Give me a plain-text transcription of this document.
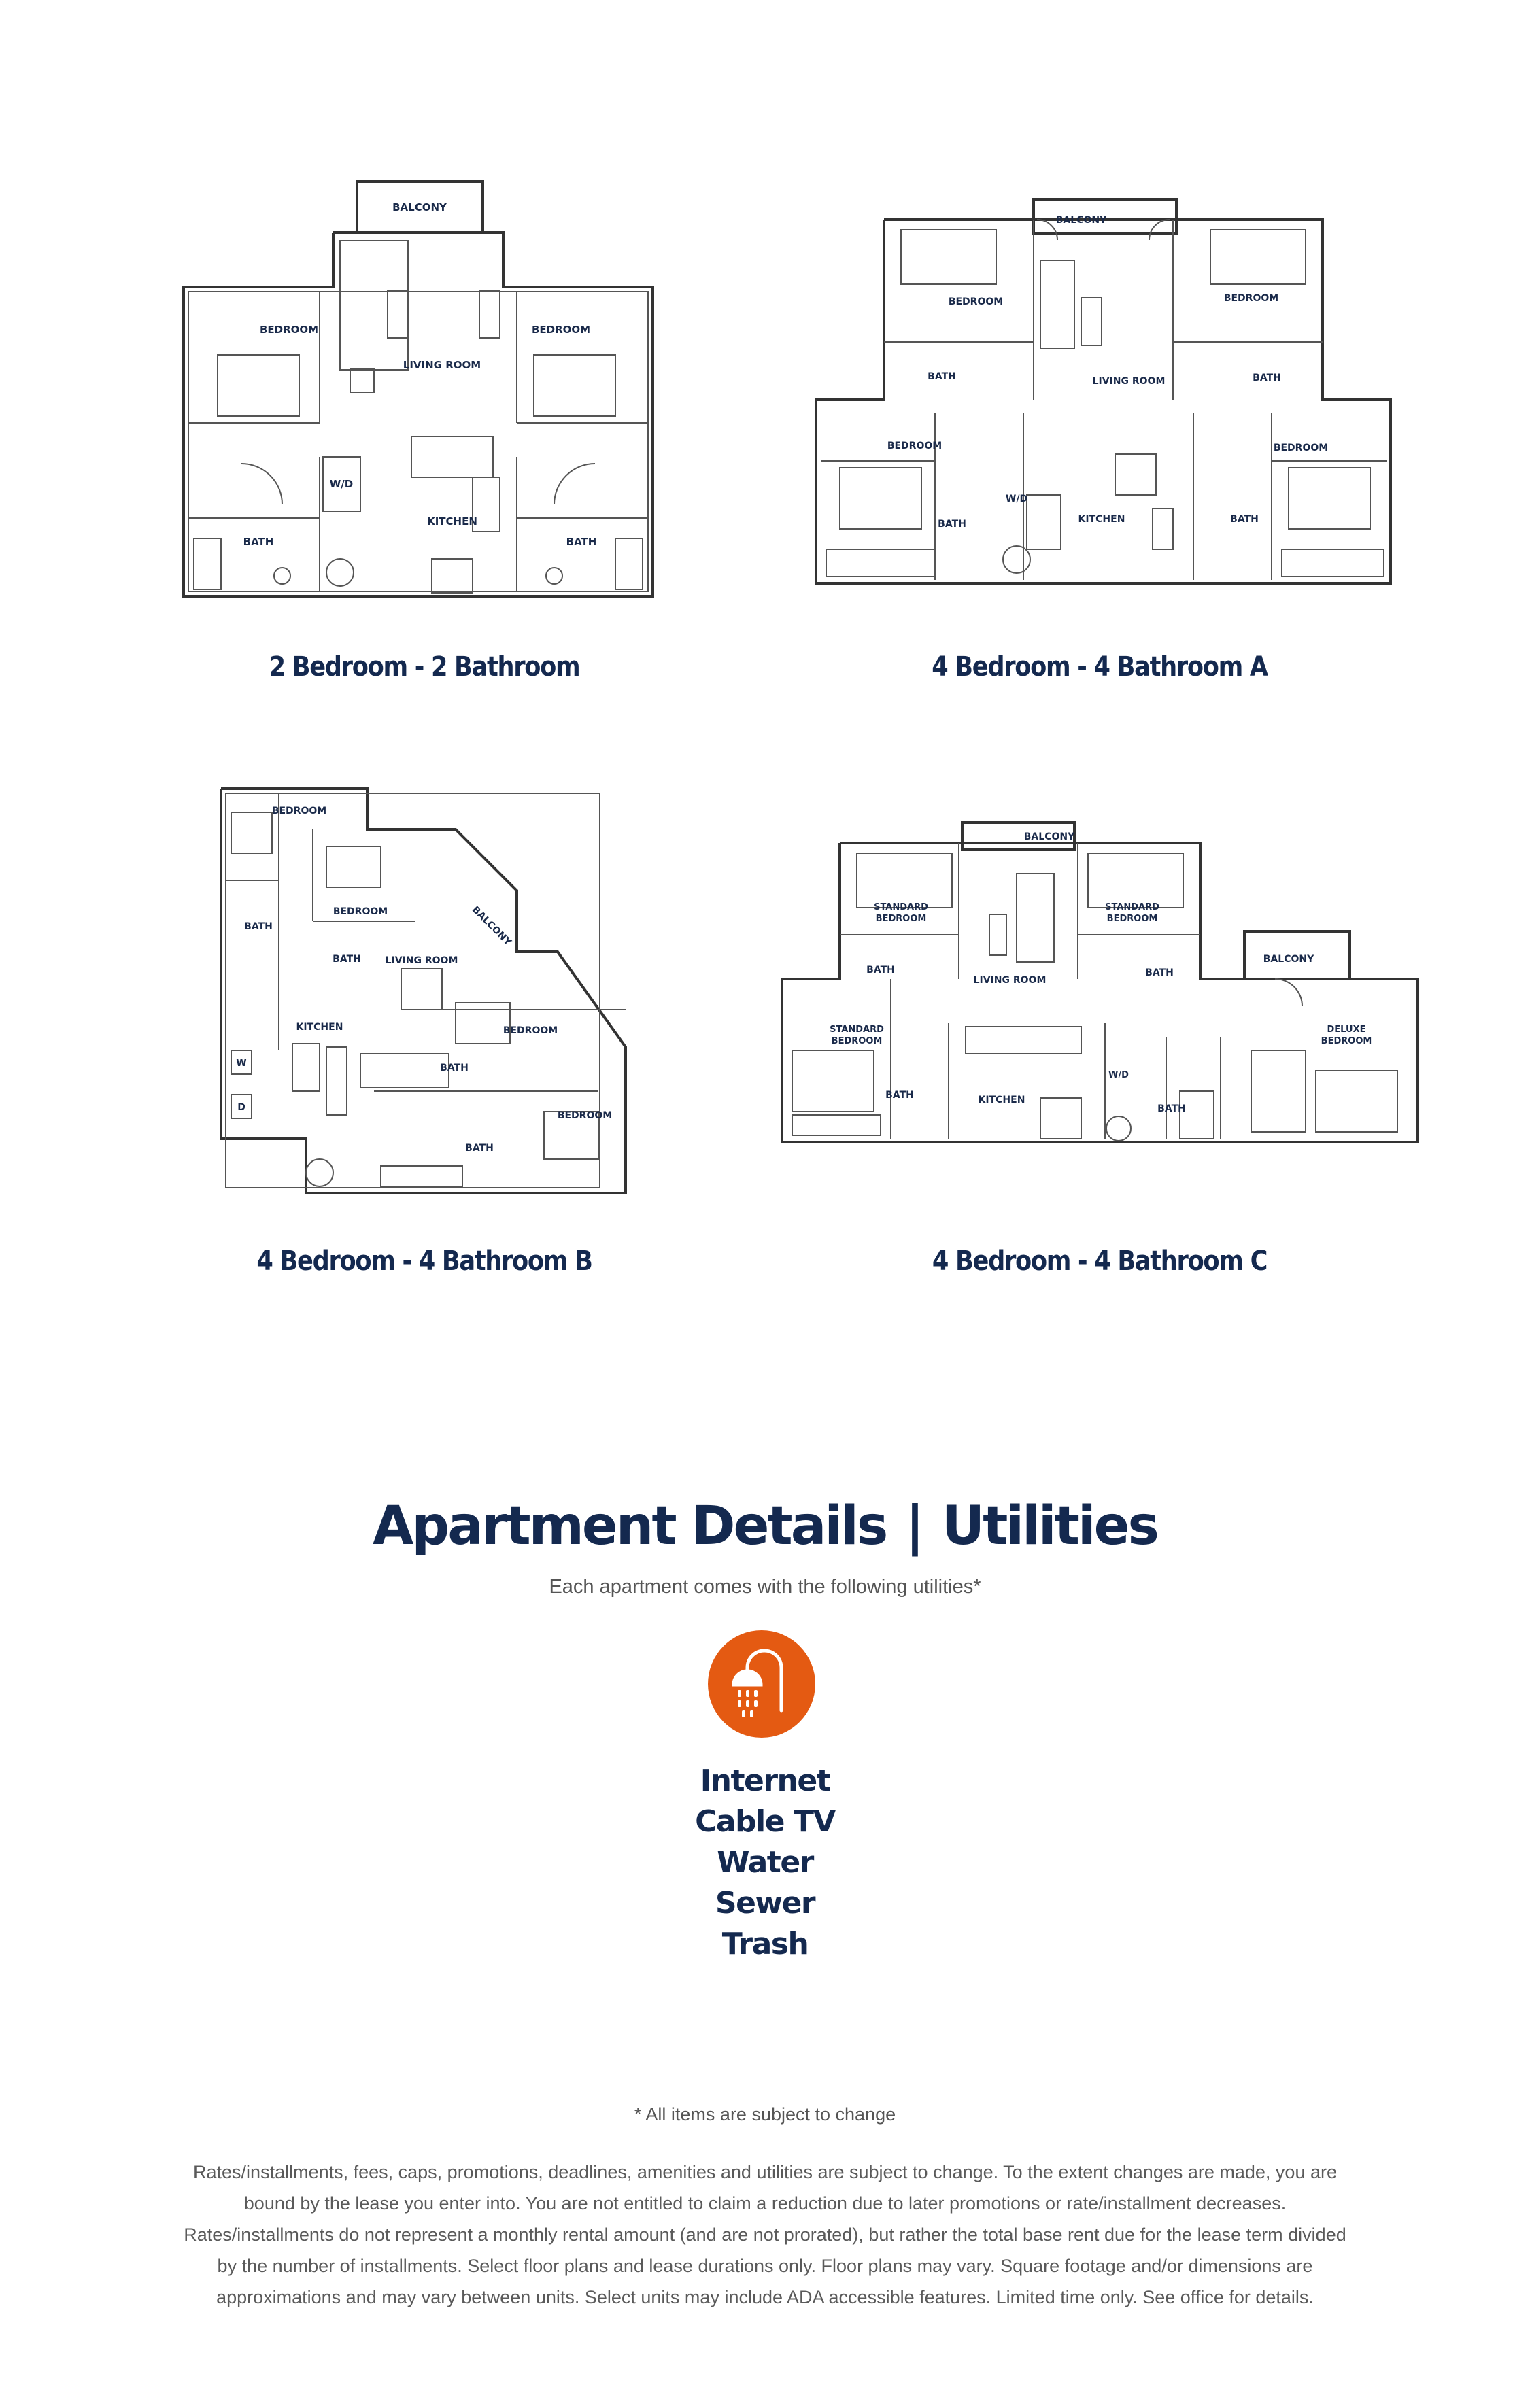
BALCONY
BEDROOM	BEDROOM
LIVING ROOM
W/D
KITCHEN
BATH	BATH
2 Bedroom - 2 Bathroom
BALCONY
BEDROOM	BEDROOM
LIVING ROOM
BATH	BATH
BEDROOM	BEDROOM
W/D
KITCHEN
BATH	BATH
4 Bedroom - 4 Bathroom A
BEDROOM
BEDROOM
BATH	BALCONY
BATH	LIVING ROOM
KITCHEN	BEDROOM
BATH
W
BEDROOM
D
BATH
4 Bedroom - 4 Bathroom B
BALCONY
STANDARD
BEDROOM
STANDARD
BEDROOM
BATH
LIVING ROOM
BATH
BALCONY
STANDARD
BEDROOM
DELUXE
BEDROOM
BATH
W/D
KITCHEN
BATH
4 Bedroom - 4 Bathroom C
Apartment Details | Utilities
Each apartment comes with the following utilities*
Internet
Cable TV
Water
Sewer
Trash
* All items are subject to change
Rates/installments, fees, caps, promotions, deadlines, amenities and utilities are subject to change. To the extent changes are made, you are bound by the lease you enter into. You are not entitled to claim a reduction due to later promotions or rate/installment decreases. Rates/installments do not represent a monthly rental amount (and are not prorated), but rather the total base rent due for the lease term divided by the number of installments. Select floor plans and lease durations only. Floor plans may vary. Square footage and/or dimensions are approximations and may vary between units. Select units may include ADA accessible features. Limited time only. See office for details.
